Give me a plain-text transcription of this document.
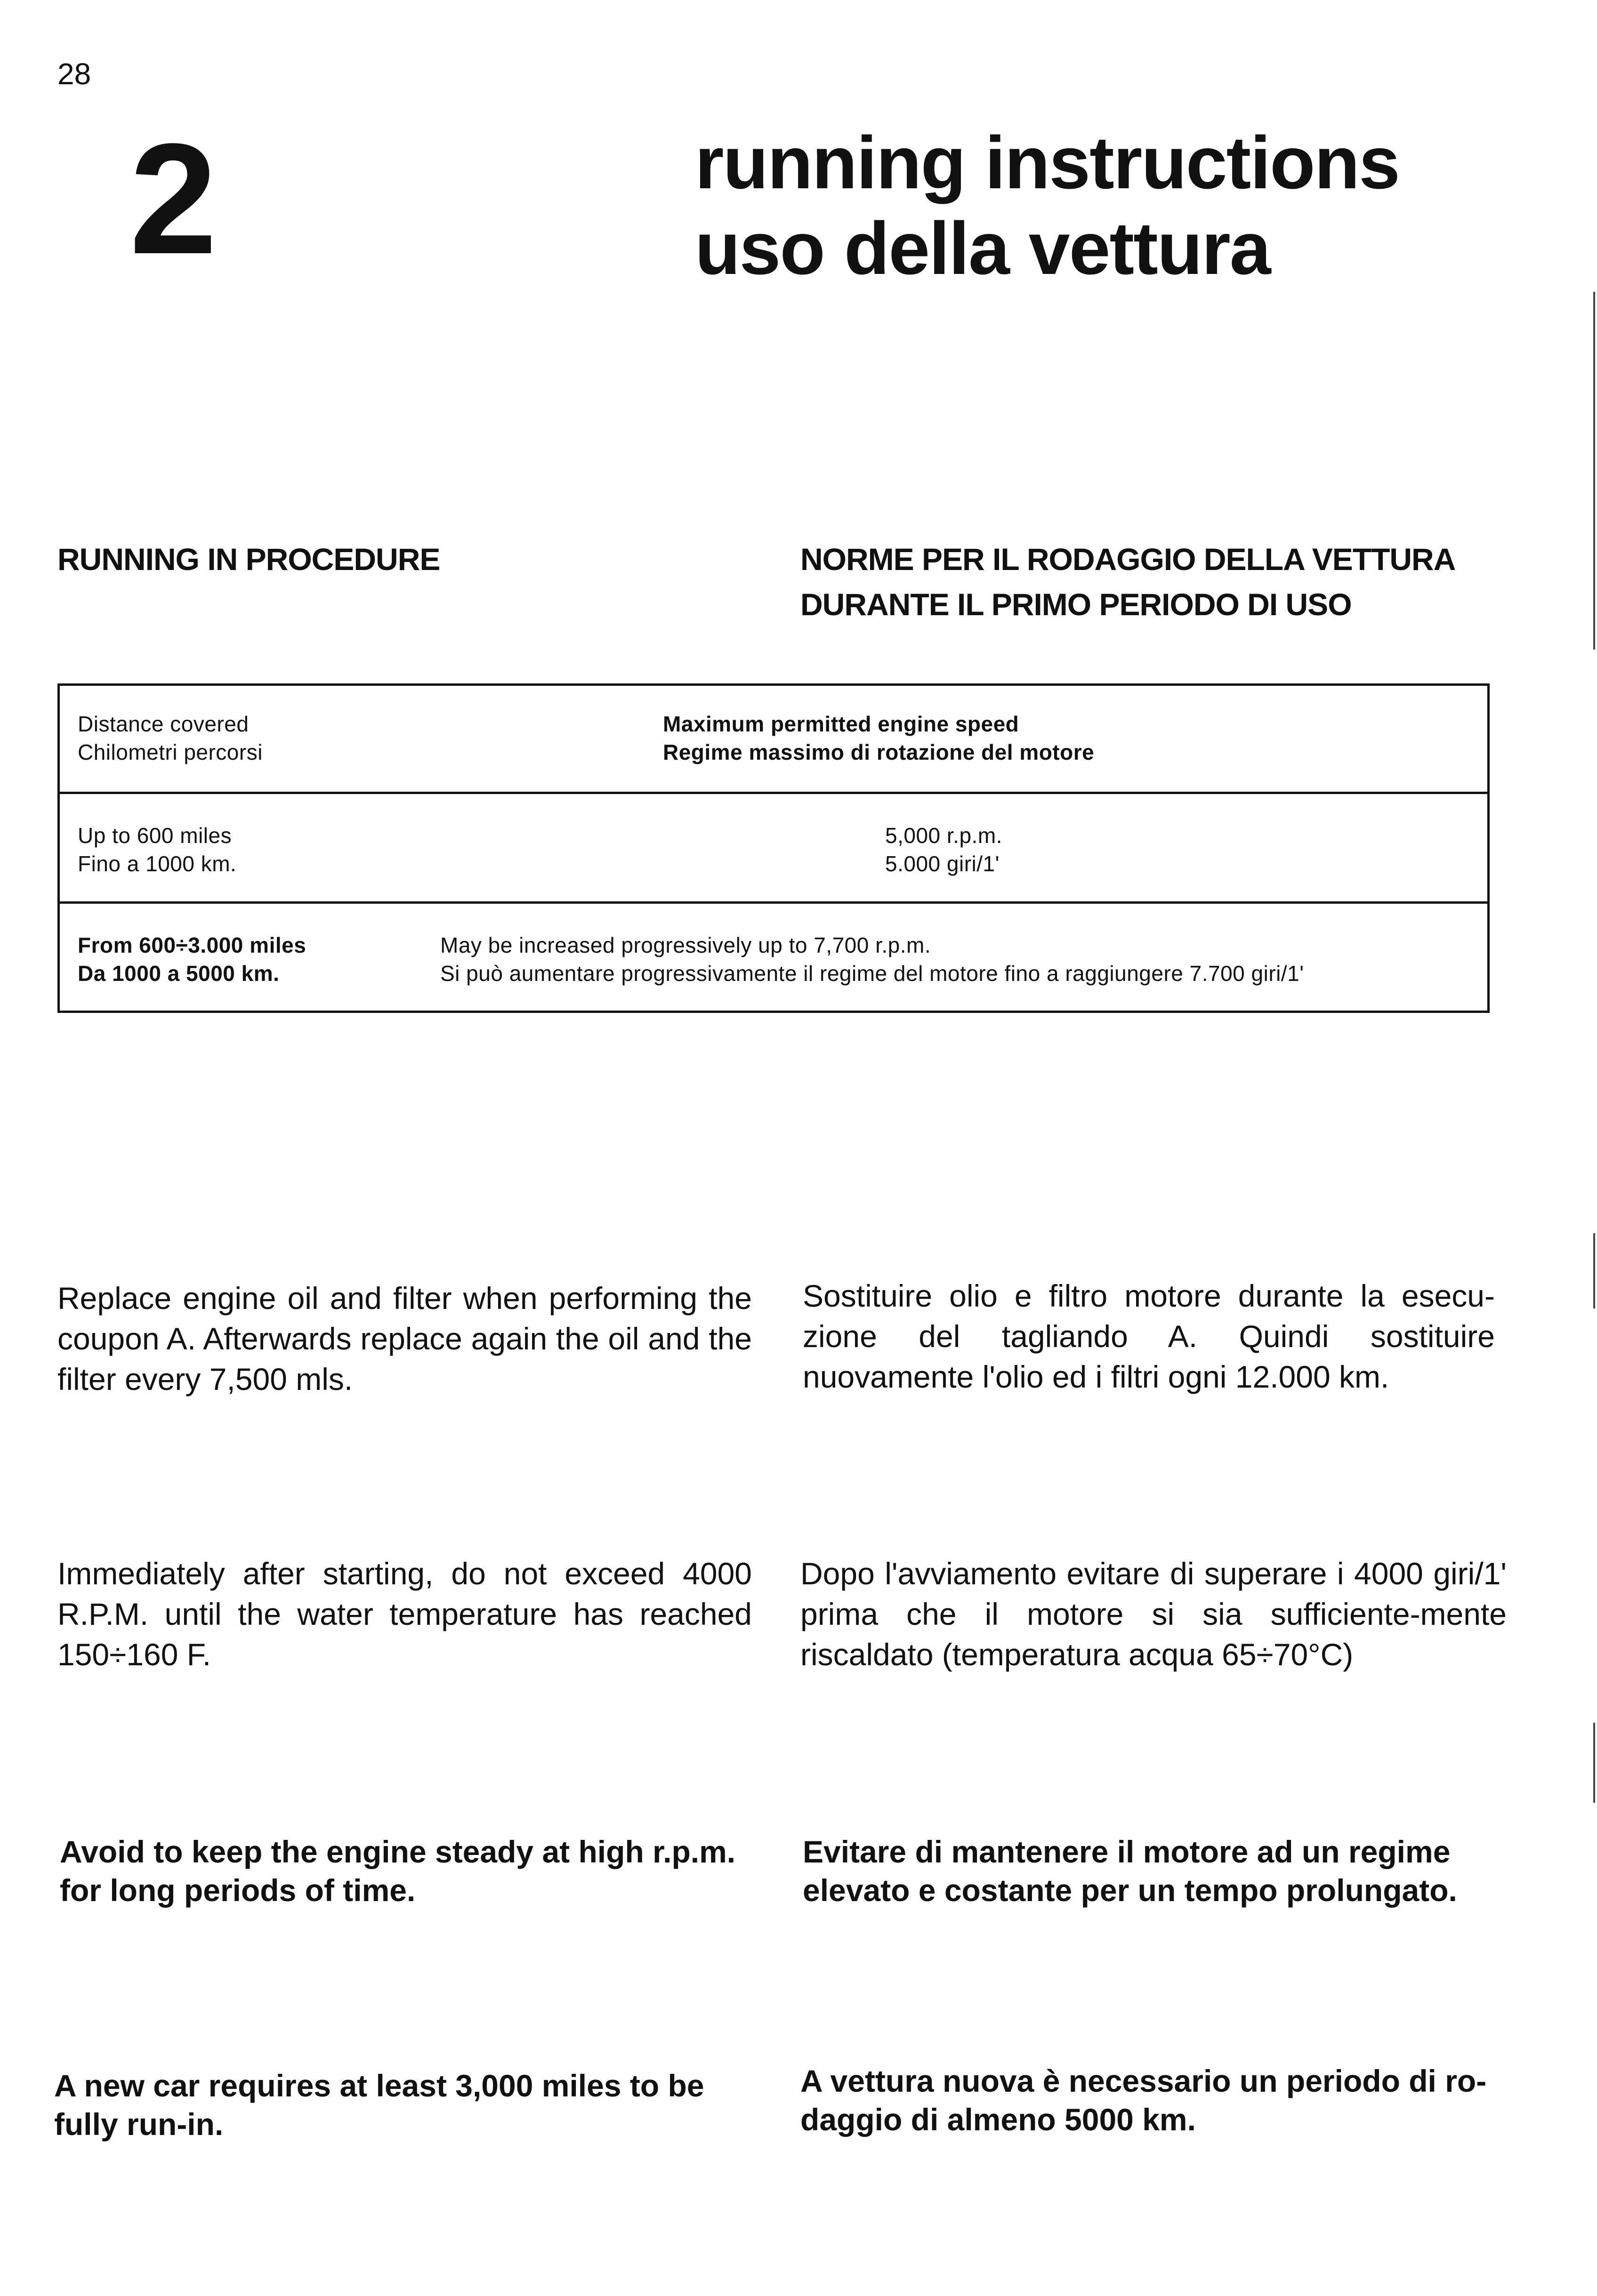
28
2	running instructions
uso della vettura
RUNNING IN PROCEDURE	NORME PER IL RODAGGIO DELLA VETTURA
DURANTE IL PRIMO PERIODO DI USO
Distance covered
Chilometri percorsi
Maximum permitted engine speed
Regime massimo di rotazione del motore
Up to 600 miles
Fino a 1000 km.
5,000 r.p.m.
5.000 giri/1'
From 600÷3.000 miles
Da 1000 a 5000 km.
May be increased progressively up to 7,700 r.p.m.
Si può aumentare progressivamente il regime del motore fino a raggiungere 7.700 giri/1'
Replace engine oil and filter when performing the coupon A. Afterwards replace again the oil and the filter every 7,500 mls.
Sostituire olio e filtro motore durante la esecu-zione del tagliando A. Quindi sostituire nuovamente l'olio ed i filtri ogni 12.000 km.
Immediately after starting, do not exceed 4000 R.P.M. until the water temperature has reached 150÷160 F.
Dopo l'avviamento evitare di superare i 4000 giri/1' prima che il motore si sia sufficiente-mente riscaldato (temperatura acqua 65÷70°C)
Avoid to keep the engine steady at high r.p.m. for long periods of time.
Evitare di mantenere il motore ad un regime elevato e costante per un tempo prolungato.
A new car requires at least 3,000 miles to be fully run-in.
A vettura nuova è necessario un periodo di ro-daggio di almeno 5000 km.
